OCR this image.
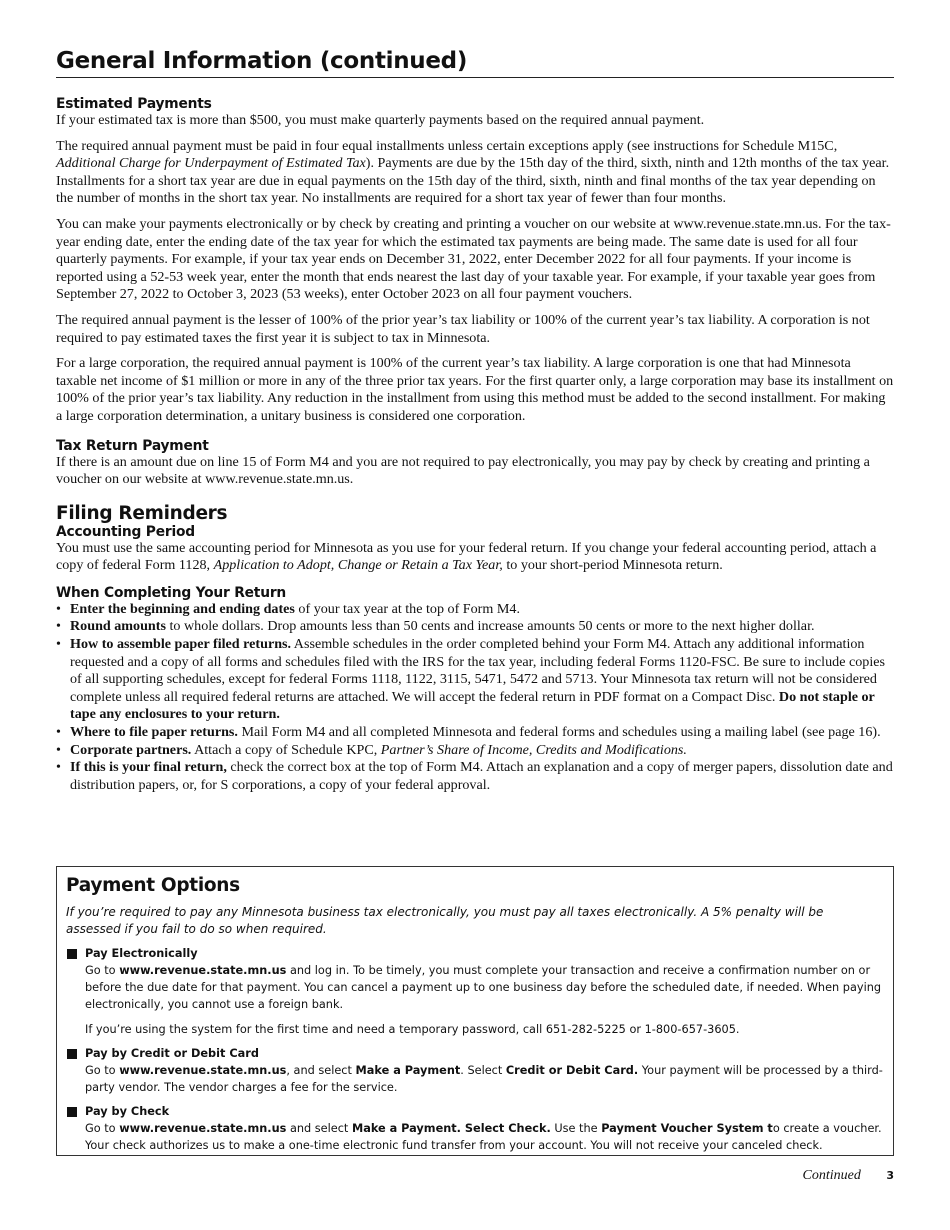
General Information (continued)
Estimated Payments

If your estimated tax is more than $500, you must make quarterly payments based on the required annual payment.

The required annual payment must be paid in four equal installments unless certain exceptions apply (see instructions for Schedule M15C, Additional Charge for Underpayment of Estimated Tax). Payments are due by the 15th day of the third, sixth, ninth and 12th months of the tax year. Installments for a short tax year are due in equal payments on the 15th day of the third, sixth, ninth and final months of the tax year depending on the number of months in the short tax year. No installments are required for a short tax year of fewer than four months.

You can make your payments electronically or by check by creating and printing a voucher on our website at www.revenue.state.mn.us. For the tax-year ending date, enter the ending date of the tax year for which the estimated tax payments are being made. The same date is used for all four quarterly payments. For example, if your tax year ends on December 31, 2022, enter December 2022 for all four payments. If your income is reported using a 52-53 week year, enter the month that ends nearest the last day of your taxable year. For example, if your taxable year goes from September 27, 2022 to October 3, 2023 (53 weeks), enter October 2023 on all four payment vouchers.

The required annual payment is the lesser of 100% of the prior year’s tax liability or 100% of the current year’s tax liability. A corporation is not required to pay estimated taxes the first year it is subject to tax in Minnesota.

For a large corporation, the required annual payment is 100% of the current year’s tax liability. A large corporation is one that had Minnesota taxable net income of $1 million or more in any of the three prior tax years. For the first quarter only, a large corporation may base its installment on 100% of the prior year’s tax liability. Any reduction in the installment from using this method must be added to the second installment. For making a large corporation determination, a unitary business is considered one corporation.

Tax Return Payment

If there is an amount due on line 15 of Form M4 and you are not required to pay electronically, you may pay by check by creating and printing a voucher on our website at www.revenue.state.mn.us.

Filing Reminders
Accounting Period

You must use the same accounting period for Minnesota as you use for your federal return. If you change your federal accounting period, attach a copy of federal Form 1128, Application to Adopt, Change or Retain a Tax Year, to your short-period Minnesota return.

When Completing Your Return
• Enter the beginning and ending dates of your tax year at the top of Form M4.
• Round amounts to whole dollars. Drop amounts less than 50 cents and increase amounts 50 cents or more to the next higher dollar.
• How to assemble paper filed returns. Assemble schedules in the order completed behind your Form M4. Attach any additional information requested and a copy of all forms and schedules filed with the IRS for the tax year, including federal Forms 1120-FSC. Be sure to include copies of all supporting schedules, except for federal Forms 1118, 1122, 3115, 5471, 5472 and 5713. Your Minnesota tax return will not be considered complete unless all required federal returns are attached. We will accept the federal return in PDF format on a Compact Disc. Do not staple or tape any enclosures to your return.
• Where to file paper returns. Mail Form M4 and all completed Minnesota and federal forms and schedules using a mailing label (see page 16).
• Corporate partners. Attach a copy of Schedule KPC, Partner’s Share of Income, Credits and Modifications.
• If this is your final return, check the correct box at the top of Form M4. Attach an explanation and a copy of merger papers, dissolution date and distribution papers, or, for S corporations, a copy of your federal approval.
Payment Options

If you’re required to pay any Minnesota business tax electronically, you must pay all taxes electronically. A 5% penalty will be assessed if you fail to do so when required.

Pay Electronically

Go to www.revenue.state.mn.us and log in. To be timely, you must complete your transaction and receive a confirmation number on or before the due date for that payment. You can cancel a payment up to one business day before the scheduled date, if needed. When paying electronically, you cannot use a foreign bank.

If you’re using the system for the first time and need a temporary password, call 651-282-5225 or 1-800-657-3605.

Pay by Credit or Debit Card

Go to www.revenue.state.mn.us, and select Make a Payment. Select Credit or Debit Card. Your payment will be processed by a third-party vendor. The vendor charges a fee for the service.

Pay by Check

Go to www.revenue.state.mn.us and select Make a Payment. Select Check. Use the Payment Voucher System to create a voucher. Your check authorizes us to make a one-time electronic fund transfer from your account. You will not receive your canceled check.

Continued 3
